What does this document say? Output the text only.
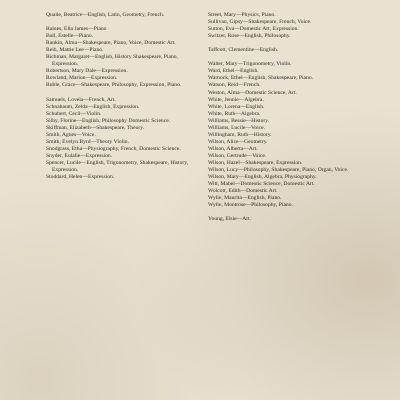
Quaile, Beatrice—English, Latin, Geometry, French.
Raines, Ella James—Piano
Ball, Estelle—Piano.
Rankin, Alma—Shakespeare, Piano, Voice, Domestic Art.
Reih, Mattie Lee—Piano.
Richman, Margaret—English, History Shakespeare, Piano, Expression.
Robertson, Mary Dale—Expression.
Rowland, Marion—Expression.
Ruble, Grace—Shakespeare, Philosophy, Expression, Piano.
Samuels, Lovela—French, Art.
Schnabaum, Zelda—English, Expression.
Schubert, Cecil—Violin.
Silby, Florine—English, Philosophy Domestic Science.
Skiffman, Elizabeth—Shakespeare, Theory.
Smith, Agnes—Voice.
Smith, Evelyn Byrd—Theory Violin.
Snodgrass, Etha—Physiography, French, Domestic Science.
Snyder, Eulalie—Expression.
Spencer, Lucile—English, Trigonometry, Shakespeare, History, Expression.
Stoddard, Helen—Expression.
Street, Mary—Physics, Piano.
Sullivan, Gipsy—Shakespeare, French, Voice.
Sutton, Eva—Domestic Art, Expression.
Switzer, Rose—English, Philosophy.
Taffcott, Clementine—English.
Walter, Mary—Trigonometry, Violin.
Ward, Ethel—English.
Warnock, Ethel—English, Shakespeare, Piano.
Watson, Reid—French.
Weston, Alma—Domestic Science, Art.
White, Jennie—Algebra.
White, Lorena—English.
White, Ruth—Algebra.
Williams, Bessie—History.
Williams, Lucile—Voice.
Willingham, Ruth—History.
Wilson, Alice—Geometry.
Wilson, Alberta—Art.
Wilson, Gertrude—Voice.
Wilson, Hazel—Shakespeare, Expression.
Wilson, Lucy—Philosophy, Shakespeare, Piano, Organ, Voice.
Wilson, Mary—English, Algebra, Physiography.
Witt, Mabel—Domestic Science, Domestic Art.
Wolcott, Edith—Domestic Art.
Wylie, Maurita—English, Piano.
Wylie, Montrose—Philosophy, Piano.
Young, Elsie—Art.
